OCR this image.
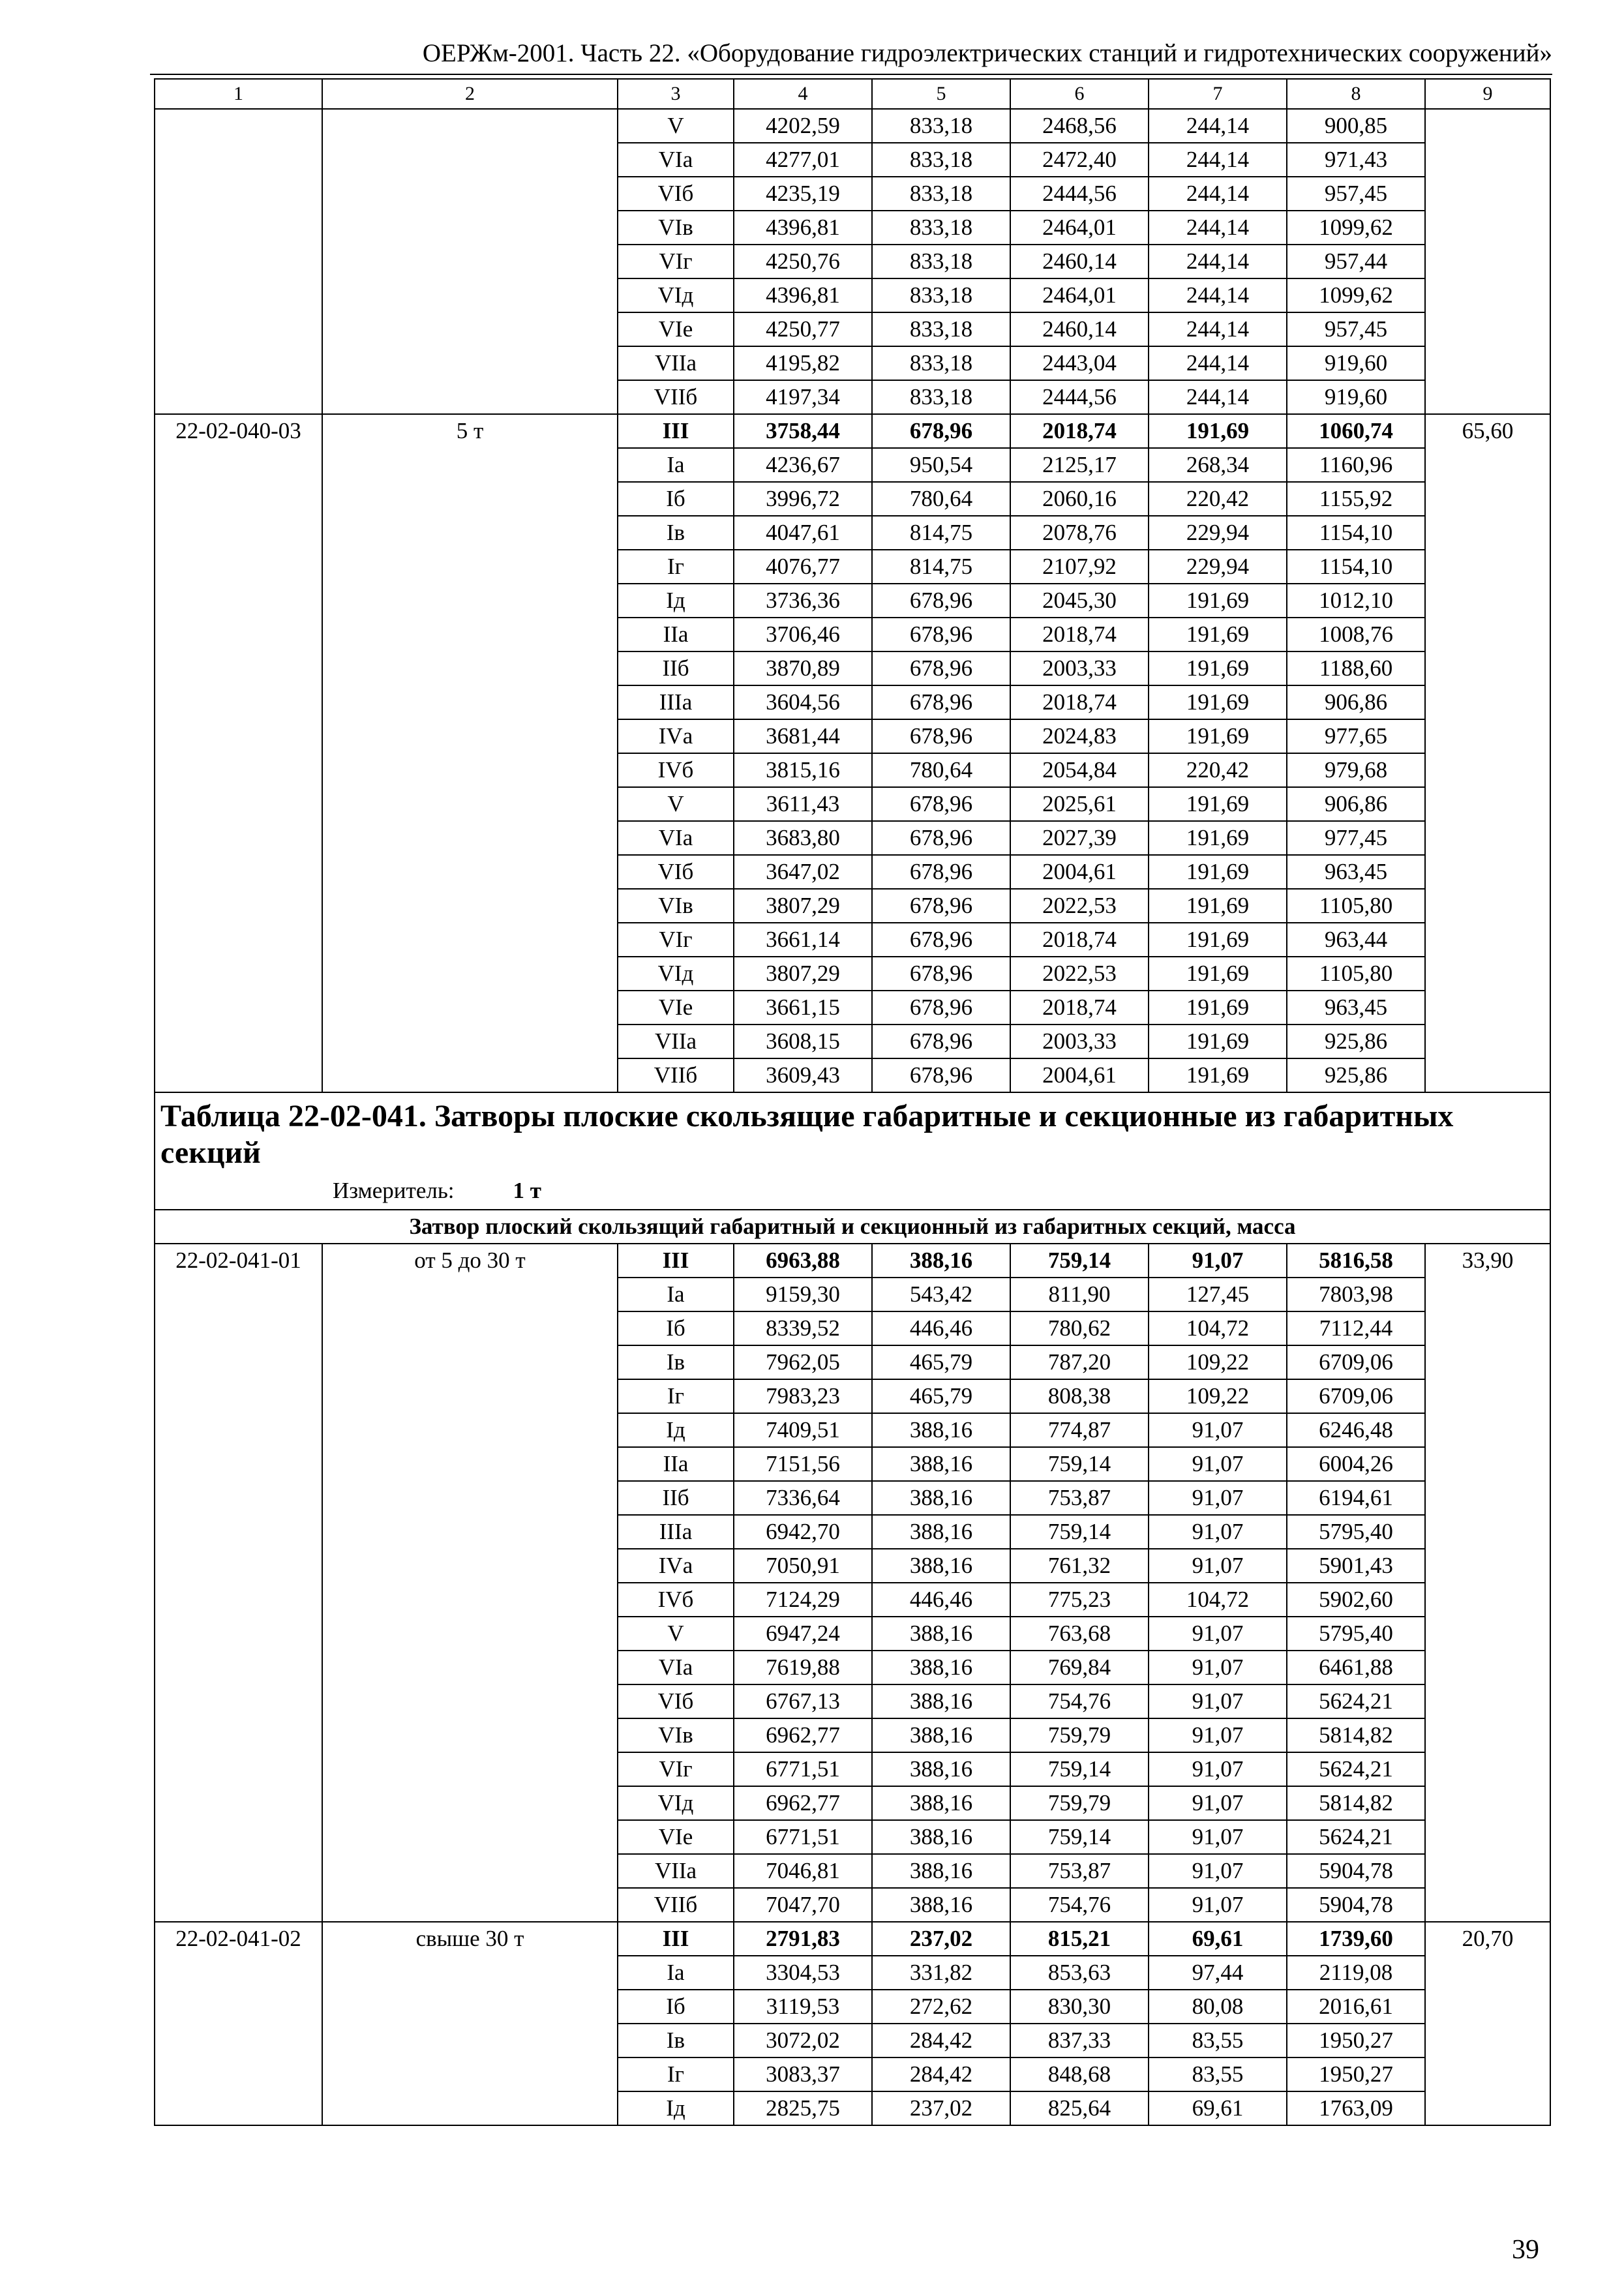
ОЕРЖм-2001. Часть 22. «Оборудование гидроэлектрических станций и гидротехнических сооружений»
1	2	3	4	5	6	7	8	9
		V	4202,59	833,18	2468,56	244,14	900,85	
		VIа	4277,01	833,18	2472,40	244,14	971,43	
		VIб	4235,19	833,18	2444,56	244,14	957,45	
		VIв	4396,81	833,18	2464,01	244,14	1099,62	
		VIг	4250,76	833,18	2460,14	244,14	957,44	
		VIд	4396,81	833,18	2464,01	244,14	1099,62	
		VIе	4250,77	833,18	2460,14	244,14	957,45	
		VIIа	4195,82	833,18	2443,04	244,14	919,60	
		VIIб	4197,34	833,18	2444,56	244,14	919,60	
22-02-040-03	5 т	III	3758,44	678,96	2018,74	191,69	1060,74	65,60
		Iа	4236,67	950,54	2125,17	268,34	1160,96	
		Iб	3996,72	780,64	2060,16	220,42	1155,92	
		Iв	4047,61	814,75	2078,76	229,94	1154,10	
		Iг	4076,77	814,75	2107,92	229,94	1154,10	
		Iд	3736,36	678,96	2045,30	191,69	1012,10	
		IIа	3706,46	678,96	2018,74	191,69	1008,76	
		IIб	3870,89	678,96	2003,33	191,69	1188,60	
		IIIа	3604,56	678,96	2018,74	191,69	906,86	
		IVа	3681,44	678,96	2024,83	191,69	977,65	
		IVб	3815,16	780,64	2054,84	220,42	979,68	
		V	3611,43	678,96	2025,61	191,69	906,86	
		VIа	3683,80	678,96	2027,39	191,69	977,45	
		VIб	3647,02	678,96	2004,61	191,69	963,45	
		VIв	3807,29	678,96	2022,53	191,69	1105,80	
		VIг	3661,14	678,96	2018,74	191,69	963,44	
		VIд	3807,29	678,96	2022,53	191,69	1105,80	
		VIе	3661,15	678,96	2018,74	191,69	963,45	
		VIIа	3608,15	678,96	2003,33	191,69	925,86	
		VIIб	3609,43	678,96	2004,61	191,69	925,86	

Таблица 22-02-041. Затворы плоские скользящие габаритные и секционные из габаритных секций
Измеритель: 1 т								

Затвор плоский скользящий габаритный и секционный из габаритных секций, масса								
22-02-041-01	от 5 до 30 т	III	6963,88	388,16	759,14	91,07	5816,58	33,90
		Iа	9159,30	543,42	811,90	127,45	7803,98	
		Iб	8339,52	446,46	780,62	104,72	7112,44	
		Iв	7962,05	465,79	787,20	109,22	6709,06	
		Iг	7983,23	465,79	808,38	109,22	6709,06	
		Iд	7409,51	388,16	774,87	91,07	6246,48	
		IIа	7151,56	388,16	759,14	91,07	6004,26	
		IIб	7336,64	388,16	753,87	91,07	6194,61	
		IIIа	6942,70	388,16	759,14	91,07	5795,40	
		IVа	7050,91	388,16	761,32	91,07	5901,43	
		IVб	7124,29	446,46	775,23	104,72	5902,60	
		V	6947,24	388,16	763,68	91,07	5795,40	
		VIа	7619,88	388,16	769,84	91,07	6461,88	
		VIб	6767,13	388,16	754,76	91,07	5624,21	
		VIв	6962,77	388,16	759,79	91,07	5814,82	
		VIг	6771,51	388,16	759,14	91,07	5624,21	
		VIд	6962,77	388,16	759,79	91,07	5814,82	
		VIе	6771,51	388,16	759,14	91,07	5624,21	
		VIIа	7046,81	388,16	753,87	91,07	5904,78	
		VIIб	7047,70	388,16	754,76	91,07	5904,78	
22-02-041-02	свыше 30 т	III	2791,83	237,02	815,21	69,61	1739,60	20,70
		Iа	3304,53	331,82	853,63	97,44	2119,08	
		Iб	3119,53	272,62	830,30	80,08	2016,61	
		Iв	3072,02	284,42	837,33	83,55	1950,27	
		Iг	3083,37	284,42	848,68	83,55	1950,27	
		Iд	2825,75	237,02	825,64	69,61	1763,09	
39
